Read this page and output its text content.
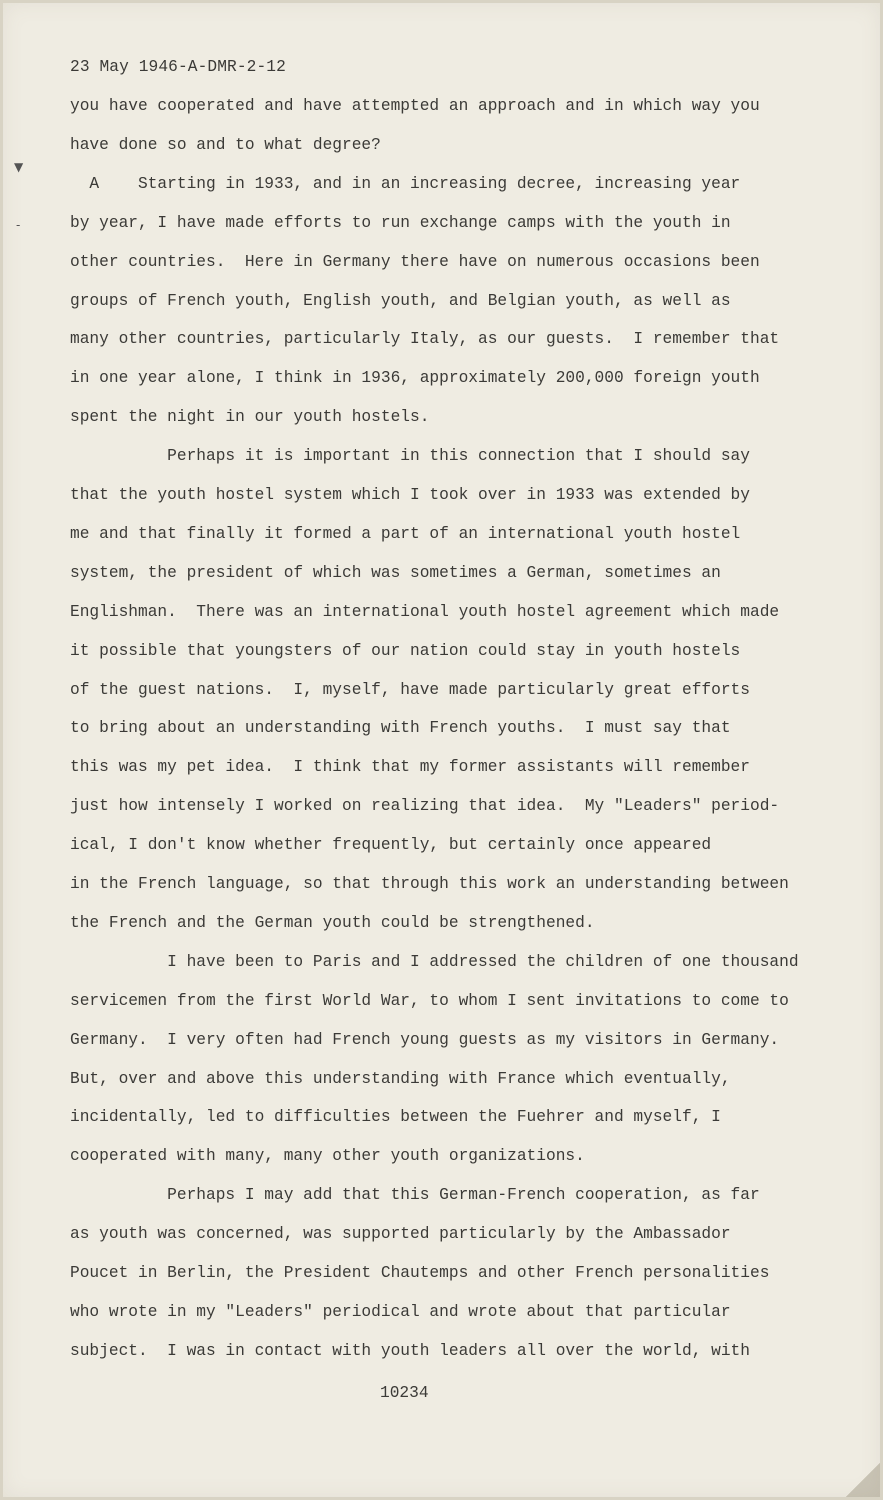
23 May 1946-A-DMR-2-12
you have cooperated and have attempted an approach and in which way you
have done so and to what degree?
A    Starting in 1933, and in an increasing decree, increasing year
by year, I have made efforts to run exchange camps with the youth in
other countries.  Here in Germany there have on numerous occasions been
groups of French youth, English youth, and Belgian youth, as well as
many other countries, particularly Italy, as our guests.  I remember that
in one year alone, I think in 1936, approximately 200,000 foreign youth
spent the night in our youth hostels.
Perhaps it is important in this connection that I should say
that the youth hostel system which I took over in 1933 was extended by
me and that finally it formed a part of an international youth hostel
system, the president of which was sometimes a German, sometimes an
Englishman.  There was an international youth hostel agreement which made
it possible that youngsters of our nation could stay in youth hostels
of the guest nations.  I, myself, have made particularly great efforts
to bring about an understanding with French youths.  I must say that
this was my pet idea.  I think that my former assistants will remember
just how intensely I worked on realizing that idea.  My "Leaders" period-
ical, I don't know whether frequently, but certainly once appeared
in the French language, so that through this work an understanding between
the French and the German youth could be strengthened.
I have been to Paris and I addressed the children of one thousand
servicemen from the first World War, to whom I sent invitations to come to
Germany.  I very often had French young guests as my visitors in Germany.
But, over and above this understanding with France which eventually,
incidentally, led to difficulties between the Fuehrer and myself, I
cooperated with many, many other youth organizations.
Perhaps I may add that this German-French cooperation, as far
as youth was concerned, was supported particularly by the Ambassador
Poucet in Berlin, the President Chautemps and other French personalities
who wrote in my "Leaders" periodical and wrote about that particular
subject.  I was in contact with youth leaders all over the world, with
10234
▼
-
